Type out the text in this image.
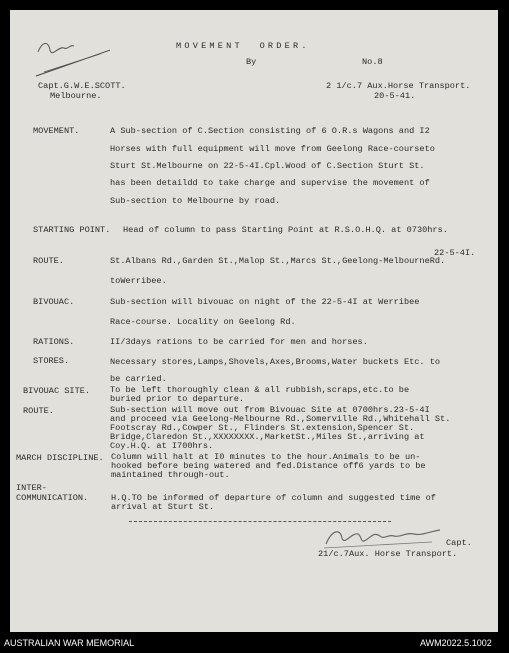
MOVEMENT  ORDER.
By	No.8
Capt.G.W.E.SCOTT.
Melbourne.
2 1/c.7 Aux.Horse Transport.
20-5-41.
MOVEMENT.	A Sub-section of C.Section consisting of 6 O.R.s Wagons and I2
Horses with full equipment will move from Geelong Race-courseto
Sturt St.Melbourne on 22-5-4I.Cpl.Wood of C.Section Sturt St.
has been detaildd to take charge and supervise the movement of
Sub-section to Melbourne by road.
STARTING POINT. Head of column to pass Starting Point at R.S.O.H.Q. at 0730hrs.
22-5-4I.
ROUTE.	St.Albans Rd.,Garden St.,Malop St.,Marcs St.,Geelong-MelbourneRd.
toWerribee.
BIVOUAC.	Sub-section will bivouac on night of the 22-5-4I at Werribee
Race-course. Locality on Geelong Rd.
RATIONS.	II/3days rations to be carried for men and horses.
STORES.	Necessary stores,Lamps,Shovels,Axes,Brooms,Water buckets Etc. to
be carried.
BIVOUAC SITE. To be left thoroughly clean & all rubbish,scraps,etc.to be
buried prior to departure.
ROUTE.	Sub-section will move out from Bivouac Site at 0700hrs.23-5-4I
and proceed via Geelong-Melbourne Rd.,Somerville Rd.,Whitehall St.
Footscray Rd.,Cowper St., Flinders St.extension,Spencer St.
Bridge,Claredon St.,XXXXXXXX.,MarketSt.,Miles St.,arriving at
Coy.H.Q. at I700hrs.
MARCH DISCIPLINE. Column will halt at I0 minutes to the hour.Animals to be un-
hooked before being watered and fed.Distance off6 yards to be
maintained through-out.
INTER-
COMMUNICATION.	H.Q.TO be informed of departure of column and suggested time of
arrival at Sturt St.
Capt.
21/c.7Aux. Horse Transport.
AUSTRALIAN WAR MEMORIAL	AWM2022.5.1002
